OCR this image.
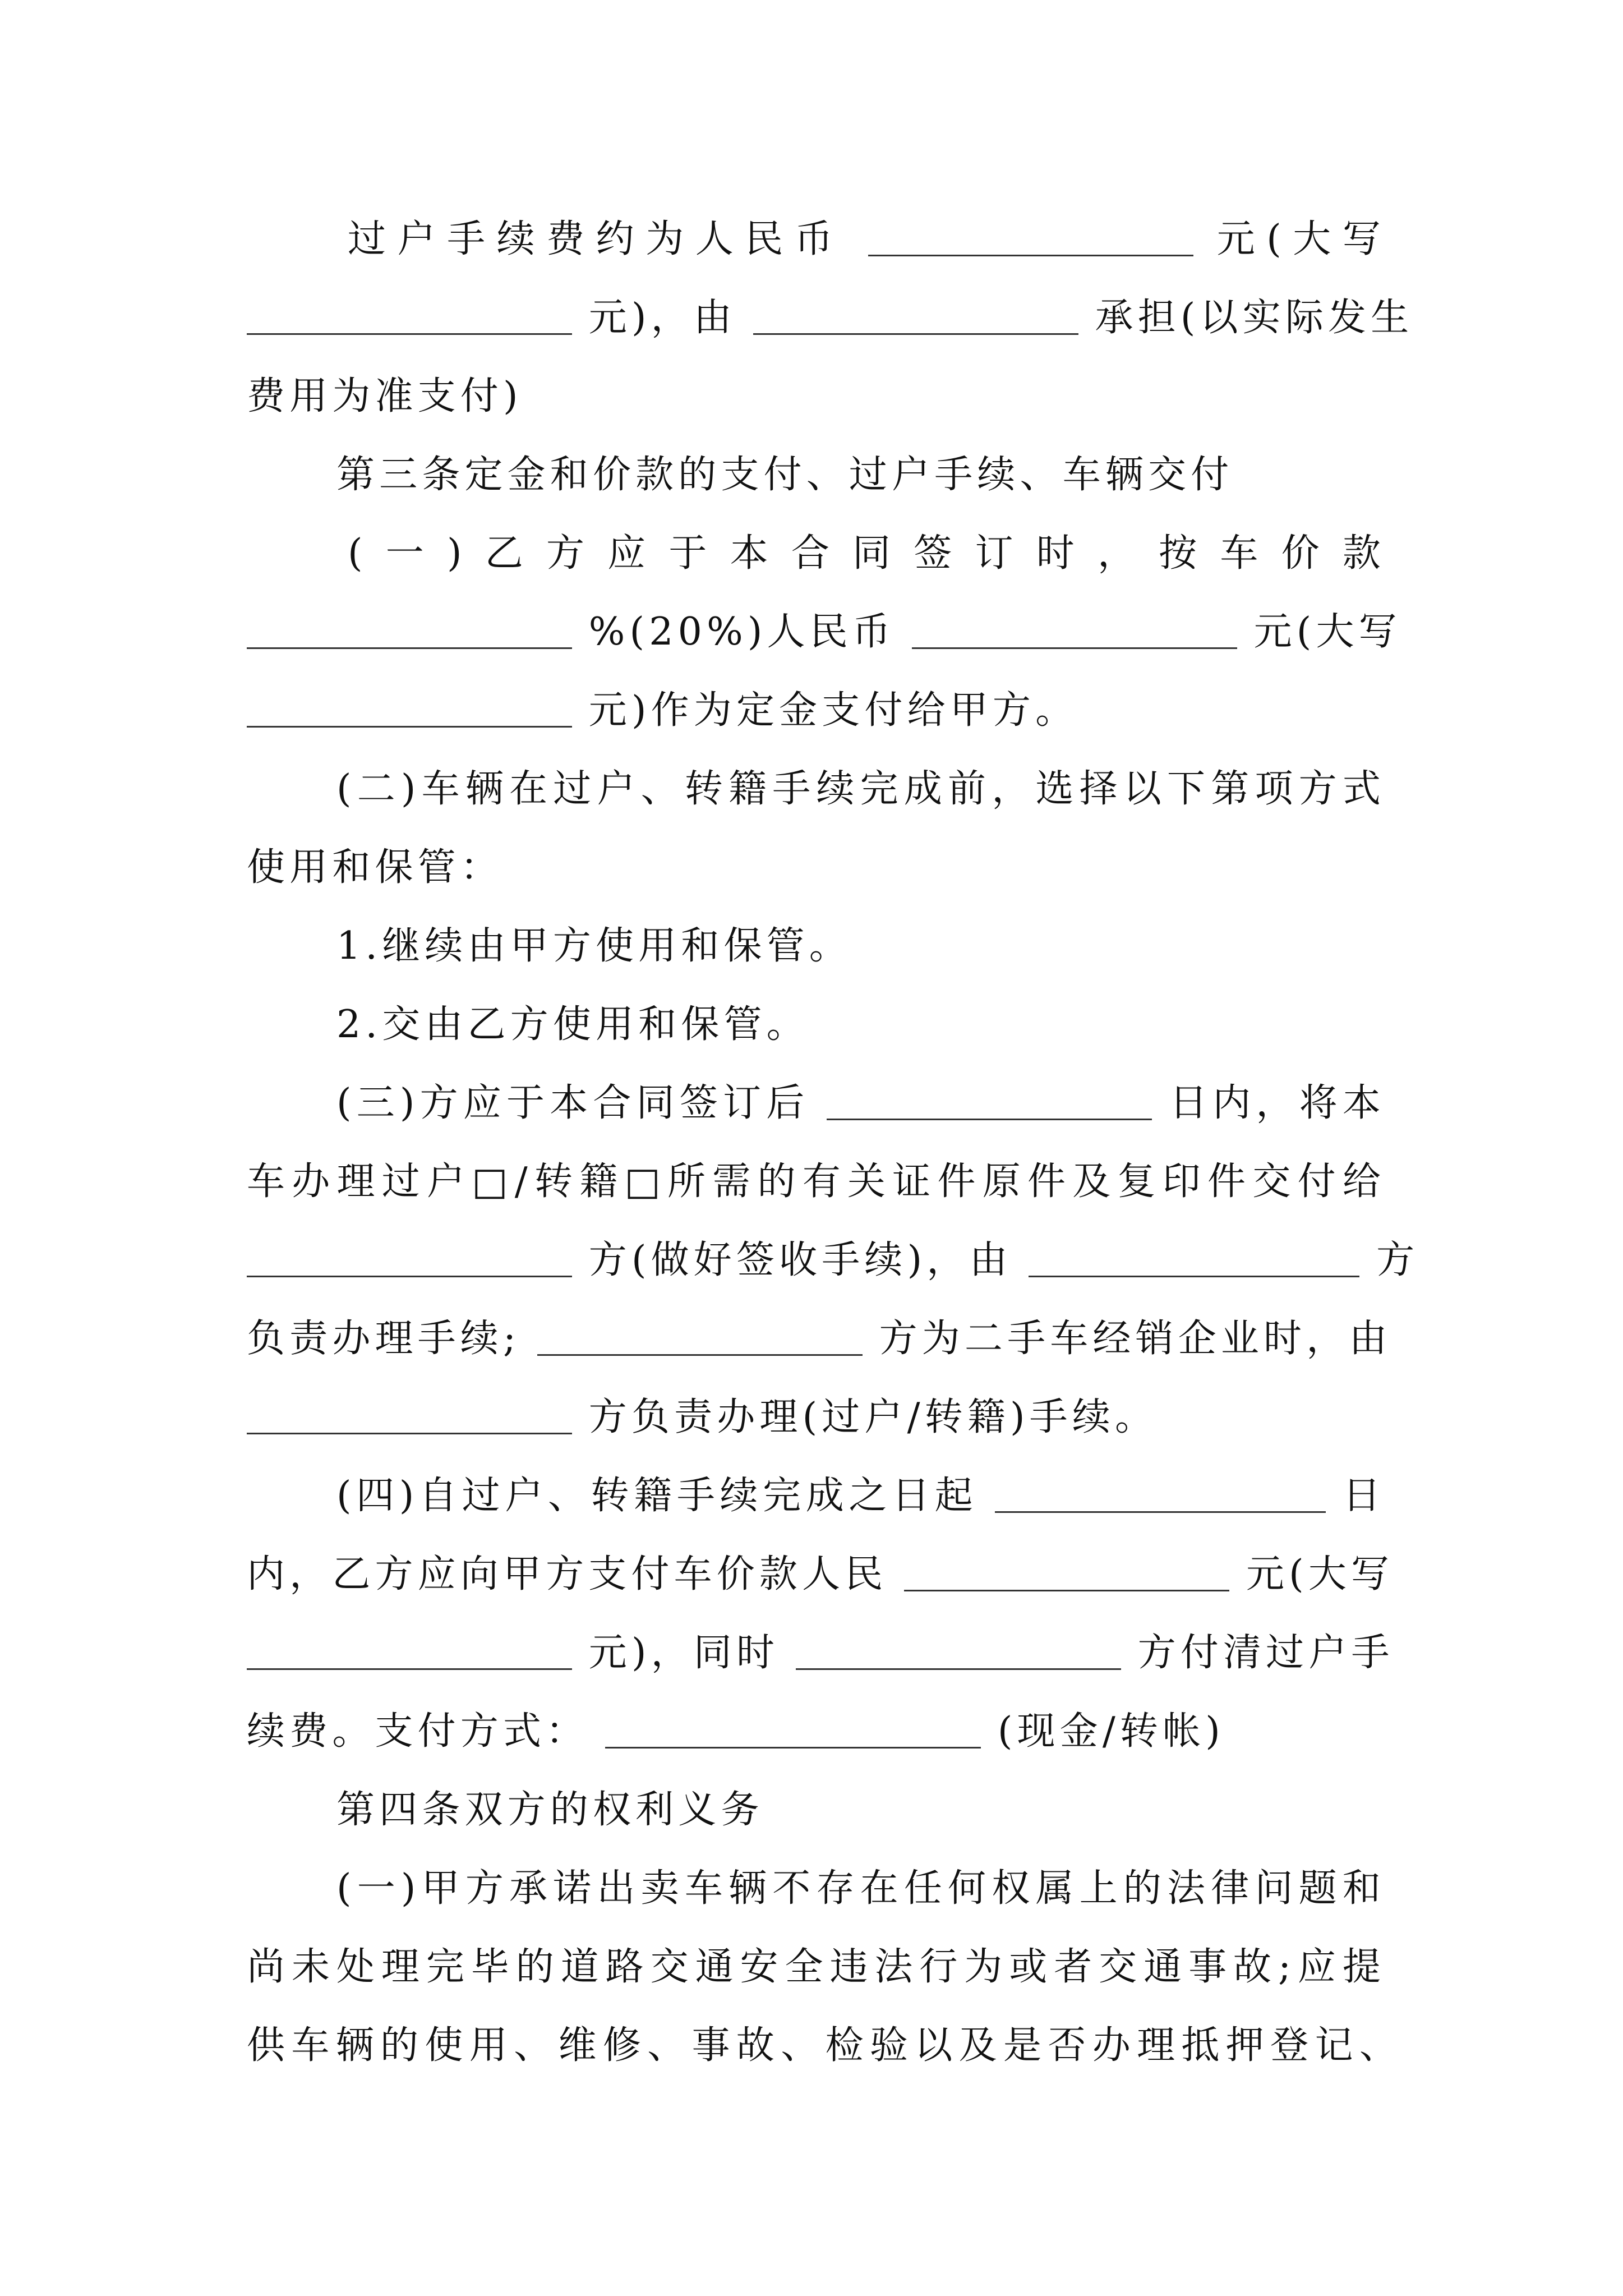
过户手续费约为人民币	元(大写
元)，由	承担(以实际发生
费用为准支付)
第三条定金和价款的支付、过户手续、车辆交付
(一)乙方应于本合同签订时，按车价款
%(20%)人民币	元(大写
元)作为定金支付给甲方。
(二)车辆在过户、转籍手续完成前，选择以下第项方式
使用和保管：
1.继续由甲方使用和保管。
2.交由乙方使用和保管。
(三)方应于本合同签订后	日内，将本
车办理过户□/转籍□所需的有关证件原件及复印件交付给
方(做好签收手续)，由	方
负责办理手续;	方为二手车经销企业时，由
方负责办理(过户/转籍)手续。
(四)自过户、转籍手续完成之日起	日
内，乙方应向甲方支付车价款人民	元(大写
元)，同时	方付清过户手
续费。支付方式：	(现金/转帐)
第四条双方的权利义务
(一)甲方承诺出卖车辆不存在任何权属上的法律问题和
尚未处理完毕的道路交通安全违法行为或者交通事故;应提
供车辆的使用、维修、事故、检验以及是否办理抵押登记、
